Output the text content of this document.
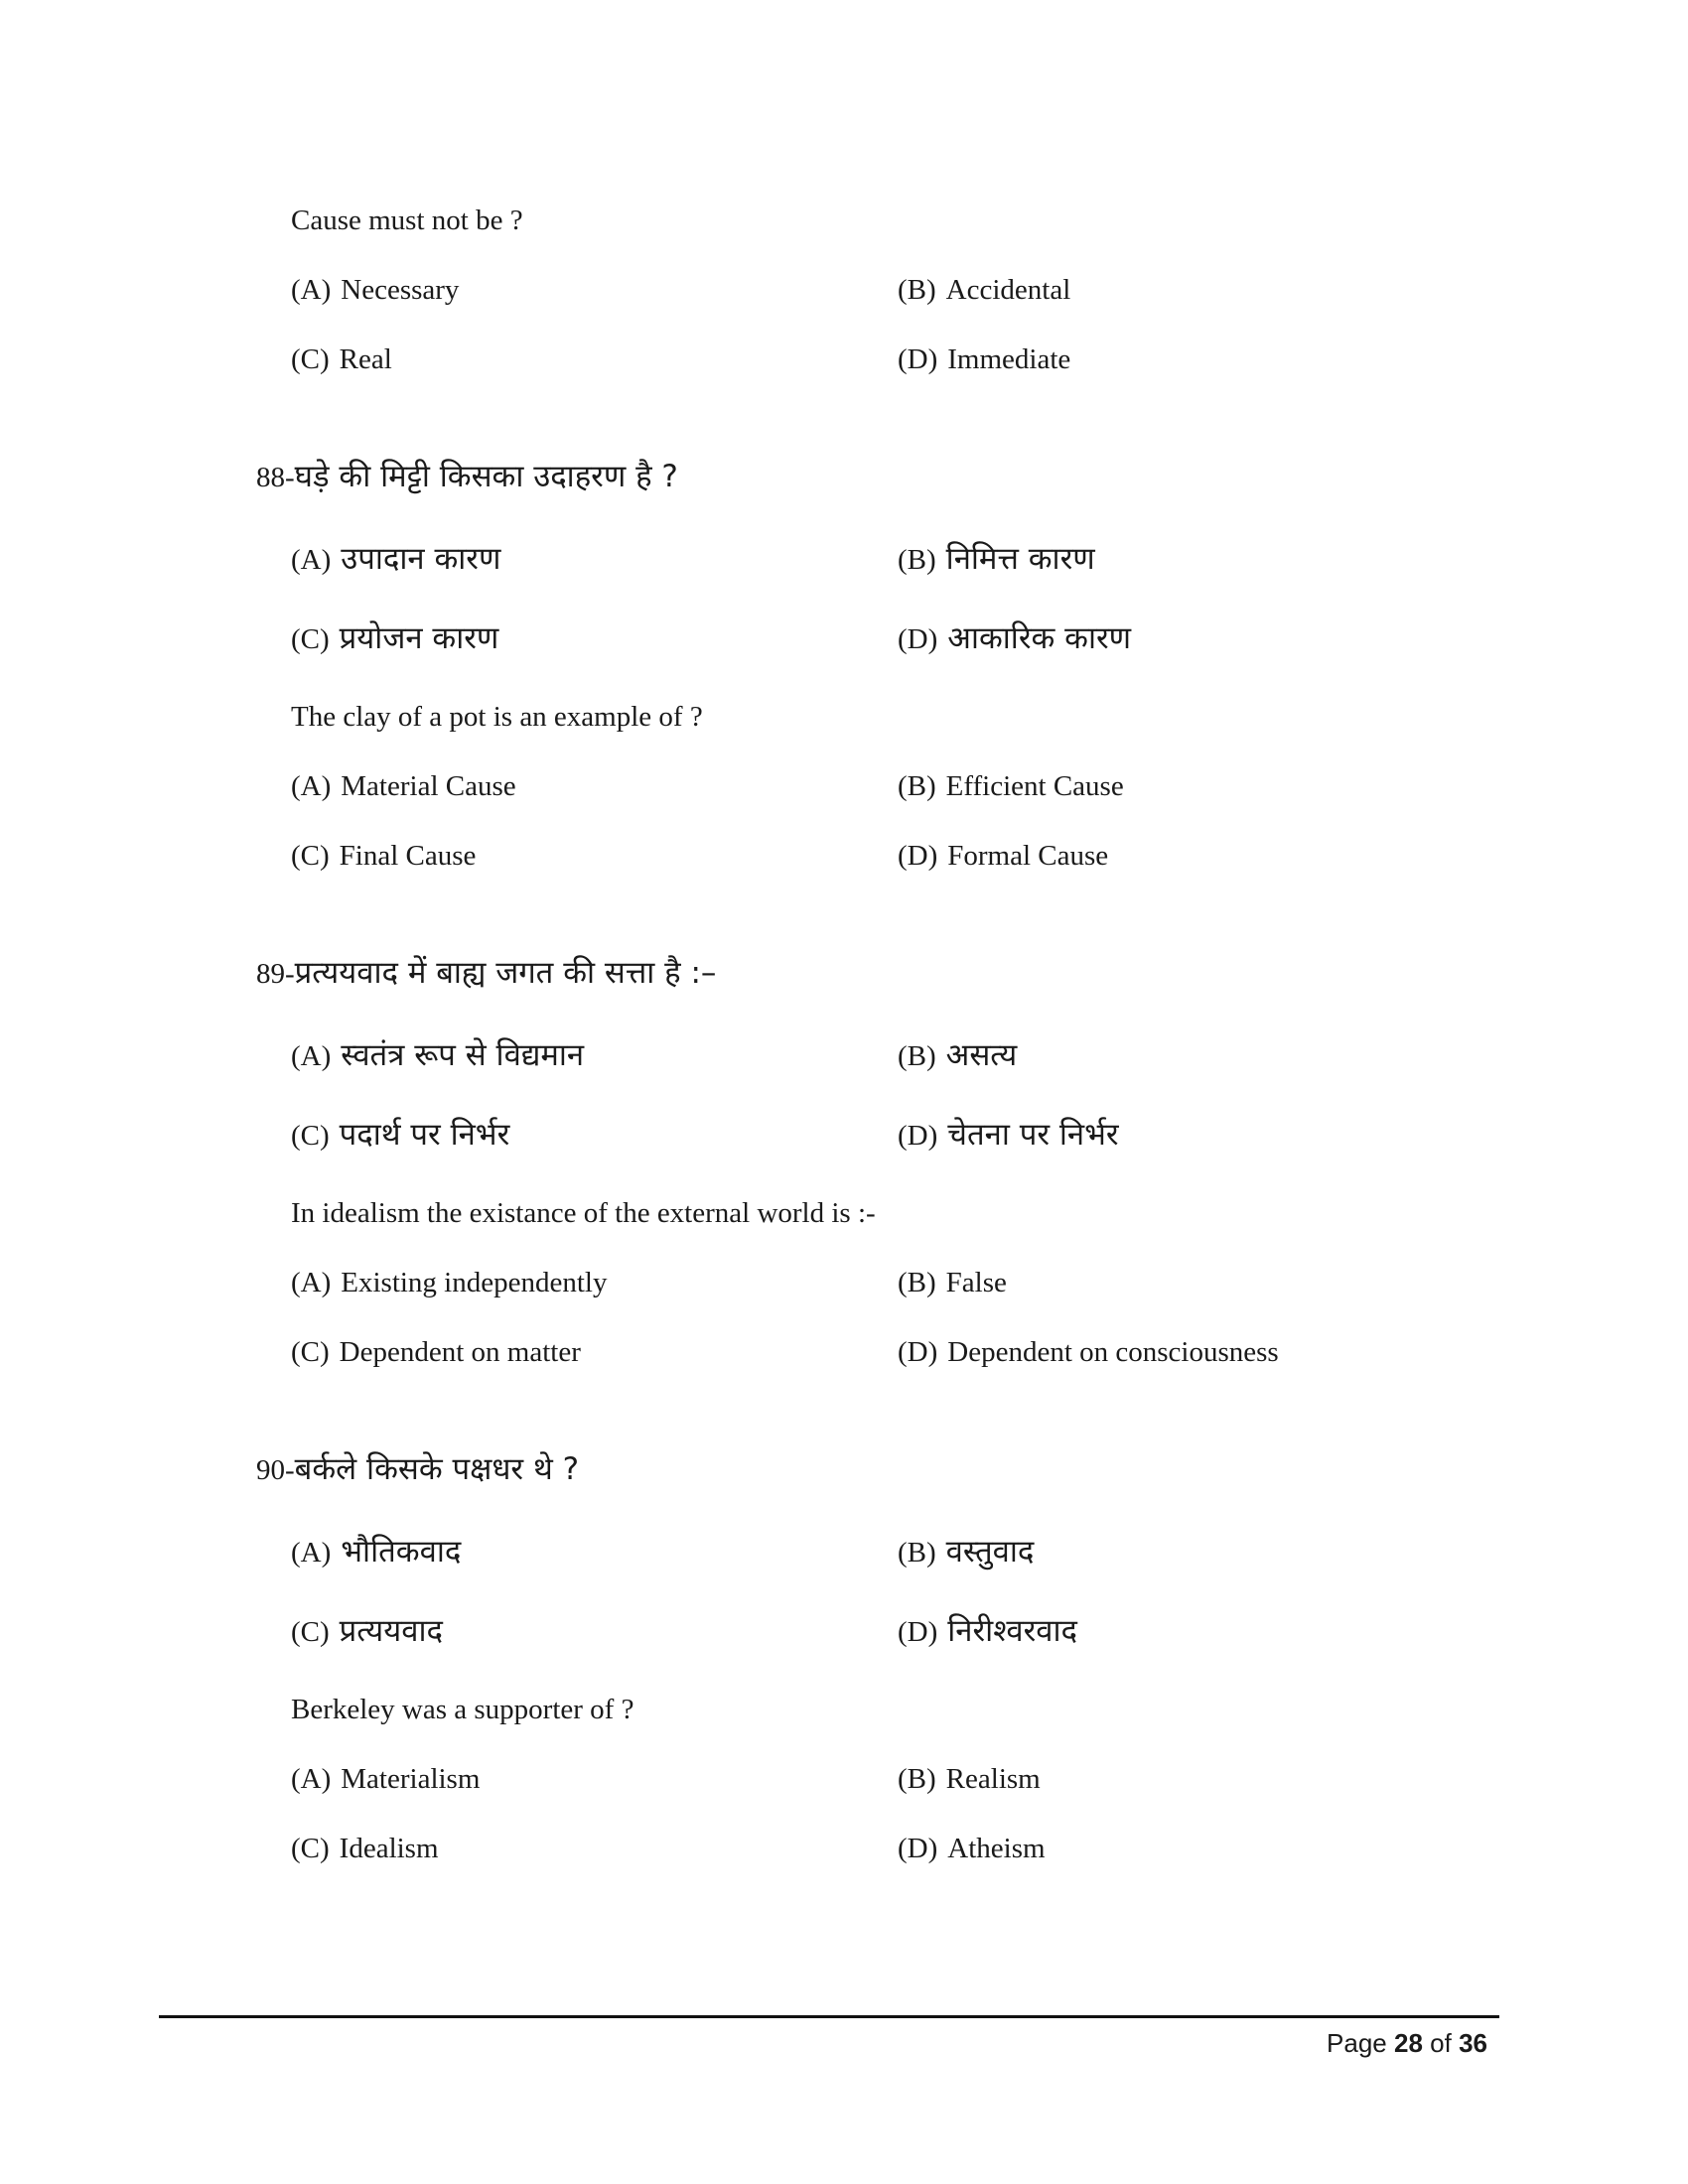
Cause must not be ?
(A) Necessary	(B) Accidental
(C) Real	(D) Immediate
88-घड़े की मिट्टी किसका उदाहरण है ?
(A) उपादान कारण	(B) निमित्त कारण
(C) प्रयोजन कारण	(D) आकारिक कारण
The clay of a pot is an example of ?
(A) Material Cause	(B) Efficient Cause
(C) Final Cause	(D) Formal Cause
89-प्रत्ययवाद में बाह्य जगत की सत्ता है :–
(A) स्वतंत्र रूप से विद्यमान	(B) असत्य
(C) पदार्थ पर निर्भर	(D) चेतना पर निर्भर
In idealism the existance of the external world is :-
(A) Existing independently	(B) False
(C) Dependent on matter	(D) Dependent on consciousness
90-बर्कले किसके पक्षधर थे ?
(A) भौतिकवाद	(B) वस्तुवाद
(C) प्रत्ययवाद	(D) निरीश्वरवाद
Berkeley was a supporter of ?
(A) Materialism	(B) Realism
(C) Idealism	(D) Atheism
Page 28 of 36
